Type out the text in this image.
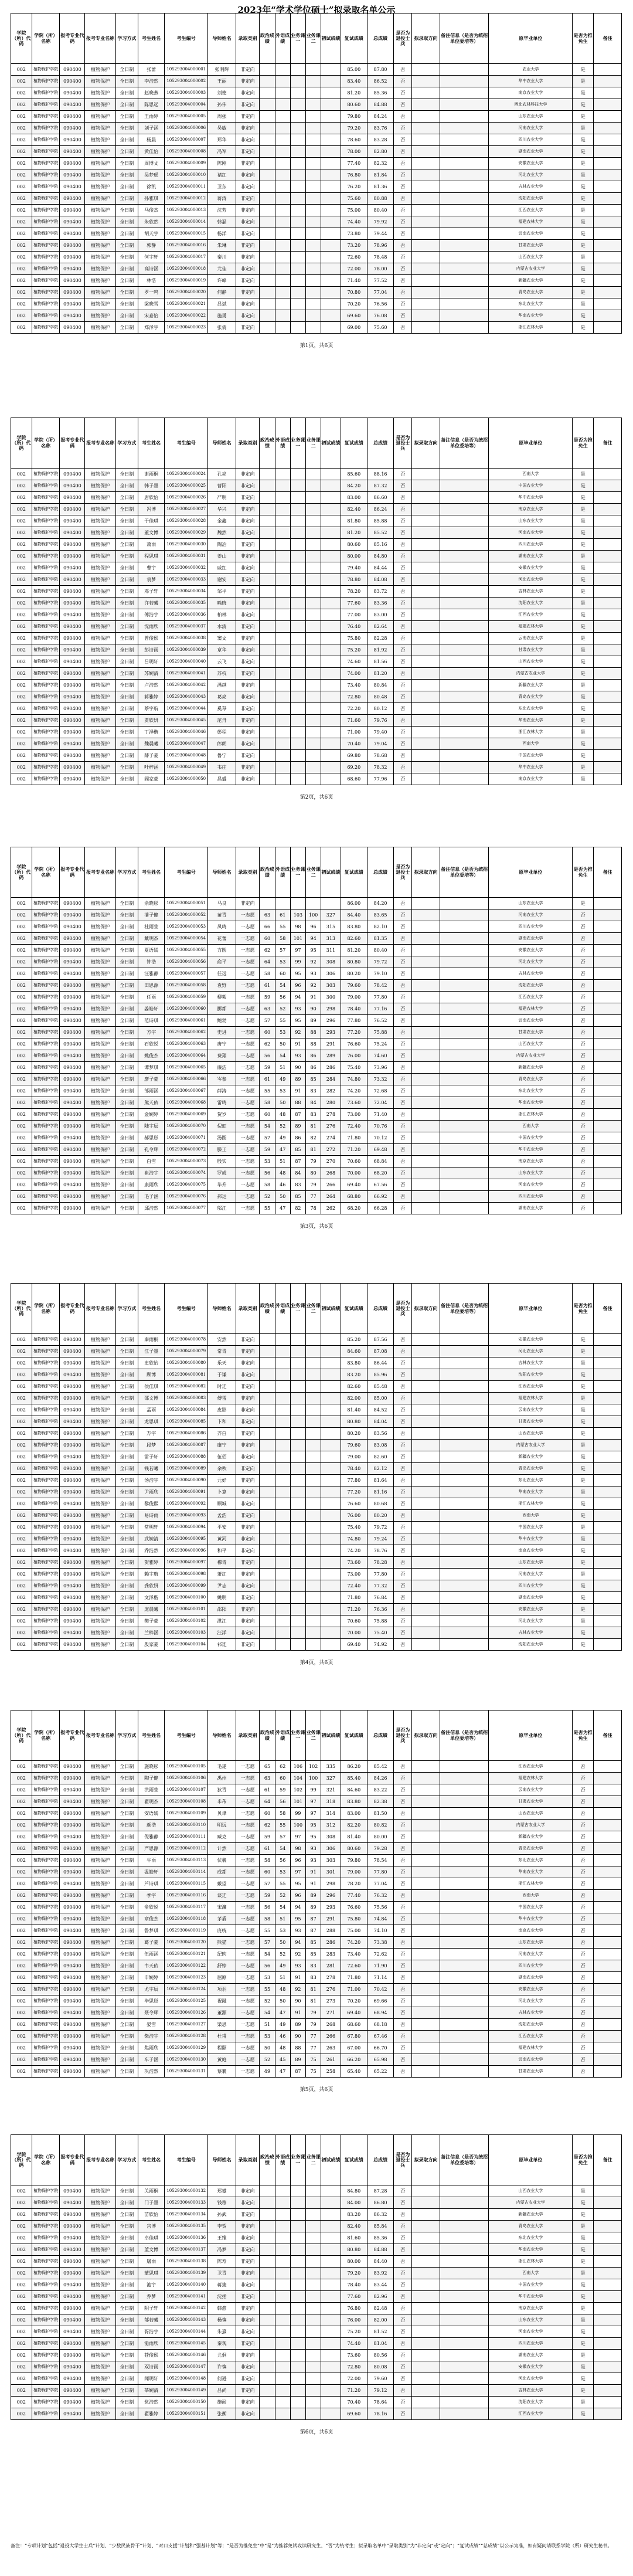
2023年“学术学位硕士”拟录取名单公示
学院（所）代码	学院（所）名称	报考专业代码	报考专业名称	学习方式	考生姓名	考生编号	导师姓名	录取类别	政治成绩	外语成绩	业务课一	业务课二	初试成绩	复试成绩	总成绩	是否为退役士兵	拟录取方向	备注信息（是否为统招单位委培等）	原毕业单位	是否为推免生	备注
002	植物保护学院	090400	植物保护	全日制	张蕾	105293004000001	张明辉	非定向						85.00	87.80	否			农业大学	是	
002	植物保护学院	090400	植物保护	全日制	李浩然	105293004000002	王丽	非定向						83.40	86.52	否			华中农业大学	是	
002	植物保护学院	090400	植物保护	全日制	赵晓燕	105293004000003	刘德	非定向						81.20	85.36	否			南京农业大学	是	
002	植物保护学院	090400	植物保护	全日制	陈思远	105293004000004	孙伟	非定向						80.60	84.88	否			西北农林科技大学	是	
002	植物保护学院	090400	植物保护	全日制	王雨婷	105293004000005	周强	非定向						79.80	84.24	否			山东农业大学	是	
002	植物保护学院	090400	植物保护	全日制	刘子涵	105293004000006	吴敏	非定向						79.20	83.76	否			河南农业大学	是	
002	植物保护学院	090400	植物保护	全日制	杨晨	105293004000007	郑华	非定向						78.60	83.28	否			四川农业大学	是	
002	植物保护学院	090400	植物保护	全日制	黄佳怡	105293004000008	冯军	非定向						78.00	82.80	否			湖南农业大学	是	
002	植物保护学院	090400	植物保护	全日制	周博文	105293004000009	陈刚	非定向						77.40	82.32	否			安徽农业大学	是	
002	植物保护学院	090400	植物保护	全日制	吴梦瑶	105293004000010	褚红	非定向						76.80	81.84	否			河北农业大学	是	
002	植物保护学院	090400	植物保护	全日制	徐凯	105293004000011	卫东	非定向						76.20	81.36	否			吉林农业大学	是	
002	植物保护学院	090400	植物保护	全日制	孙雅琪	105293004000012	蒋涛	非定向						75.60	80.88	否			沈阳农业大学	是	
002	植物保护学院	090400	植物保护	全日制	马俊杰	105293004000013	沈芳	非定向						75.00	80.40	否			江西农业大学	是	
002	植物保护学院	090400	植物保护	全日制	朱欣然	105293004000014	韩磊	非定向						74.40	79.92	否			福建农林大学	是	
002	植物保护学院	090400	植物保护	全日制	胡天宇	105293004000015	杨洋	非定向						73.80	79.44	否			云南农业大学	是	
002	植物保护学院	090400	植物保护	全日制	郭静	105293004000016	朱琳	非定向						73.20	78.96	否			甘肃农业大学	是	
002	植物保护学院	090400	植物保护	全日制	何宇轩	105293004000017	秦川	非定向						72.60	78.48	否			山西农业大学	是	
002	植物保护学院	090400	植物保护	全日制	高诗涵	105293004000018	尤佳	非定向						72.00	78.00	否			内蒙古农业大学	是	
002	植物保护学院	090400	植物保护	全日制	林浩	105293004000019	许峰	非定向						71.40	77.52	否			新疆农业大学	是	
002	植物保护学院	090400	植物保护	全日制	罗一鸣	105293004000020	何静	非定向						70.80	77.04	否			青岛农业大学	是	
002	植物保护学院	090400	植物保护	全日制	梁晓雪	105293004000021	吕斌	非定向						70.20	76.56	否			东北农业大学	是	
002	植物保护学院	090400	植物保护	全日制	宋嘉怡	105293004000022	施勇	非定向						69.60	76.08	否			华南农业大学	是	
002	植物保护学院	090400	植物保护	全日制	郑泽宇	105293004000023	张倩	非定向						69.00	75.60	否			浙江农林大学	是	
第1页，共6页
学院（所）代码	学院（所）名称	报考专业代码	报考专业名称	学习方式	考生姓名	考生编号	导师姓名	录取类别	政治成绩	外语成绩	业务课一	业务课二	初试成绩	复试成绩	总成绩	是否为退役士兵	拟录取方向	备注信息（是否为统招单位委培等）	原毕业单位	是否为推免生	备注
002	植物保护学院	090400	植物保护	全日制	谢雨桐	105293004000024	孔亮	非定向						85.60	88.16	否			西南大学	是	
002	植物保护学院	090400	植物保护	全日制	韩子墨	105293004000025	曹阳	非定向						84.20	87.32	否			中国农业大学	是	
002	植物保护学院	090400	植物保护	全日制	唐欣怡	105293004000026	严明	非定向						83.00	86.60	否			华中农业大学	是	
002	植物保护学院	090400	植物保护	全日制	冯博	105293004000027	华兴	非定向						82.40	86.24	否			南京农业大学	是	
002	植物保护学院	090400	植物保护	全日制	于佳琪	105293004000028	金鑫	非定向						81.80	85.88	否			山东农业大学	是	
002	植物保护学院	090400	植物保护	全日制	董文博	105293004000029	魏然	非定向						81.20	85.52	否			河南农业大学	是	
002	植物保护学院	090400	植物保护	全日制	萧雨	105293004000030	陶冶	非定向						80.60	85.16	否			四川农业大学	是	
002	植物保护学院	090400	植物保护	全日制	程思琪	105293004000031	姜山	非定向						80.00	84.80	否			湖南农业大学	是	
002	植物保护学院	090400	植物保护	全日制	曹宇	105293004000032	戚红	非定向						79.40	84.44	否			安徽农业大学	是	
002	植物保护学院	090400	植物保护	全日制	袁梦	105293004000033	谢安	非定向						78.80	84.08	否			河北农业大学	是	
002	植物保护学院	090400	植物保护	全日制	邓子轩	105293004000034	邹平	非定向						78.20	83.72	否			吉林农业大学	是	
002	植物保护学院	090400	植物保护	全日制	许若曦	105293004000035	喻晓	非定向						77.60	83.36	否			沈阳农业大学	是	
002	植物保护学院	090400	植物保护	全日制	傅浩宇	105293004000036	柏林	非定向						77.00	83.00	否			江西农业大学	是	
002	植物保护学院	090400	植物保护	全日制	沈雨欣	105293004000037	水清	非定向						76.40	82.64	否			福建农林大学	是	
002	植物保护学院	090400	植物保护	全日制	曾俊熙	105293004000038	窦文	非定向						75.80	82.28	否			云南农业大学	是	
002	植物保护学院	090400	植物保护	全日制	彭诗雨	105293004000039	章华	非定向						75.20	81.92	否			甘肃农业大学	是	
002	植物保护学院	090400	植物保护	全日制	吕明轩	105293004000040	云飞	非定向						74.60	81.56	否			山西农业大学	是	
002	植物保护学院	090400	植物保护	全日制	苏婉清	105293004000041	苏杭	非定向						74.00	81.20	否			内蒙古农业大学	是	
002	植物保护学院	090400	植物保护	全日制	卢浩然	105293004000042	潘越	非定向						73.40	80.84	否			新疆农业大学	是	
002	植物保护学院	090400	植物保护	全日制	蒋雅婷	105293004000043	葛亮	非定向						72.80	80.48	否			青岛农业大学	是	
002	植物保护学院	090400	植物保护	全日制	蔡宇航	105293004000044	奚琴	非定向						72.20	80.12	否			东北农业大学	是	
002	植物保护学院	090400	植物保护	全日制	贾欣妍	105293004000045	范舟	非定向						71.60	79.76	否			华南农业大学	是	
002	植物保护学院	090400	植物保护	全日制	丁泽楷	105293004000046	彭程	非定向						71.00	79.40	否			浙江农林大学	是	
002	植物保护学院	090400	植物保护	全日制	魏晨曦	105293004000047	郎朗	非定向						70.40	79.04	否			西南大学	是	
002	植物保护学院	090400	植物保护	全日制	薛子豪	105293004000048	鲁宁	非定向						69.80	78.68	否			中国农业大学	是	
002	植物保护学院	090400	植物保护	全日制	叶梓涵	105293004000049	韦庄	非定向						69.20	78.32	否			华中农业大学	是	
002	植物保护学院	090400	植物保护	全日制	阎家豪	105293004000050	昌盛	非定向						68.60	77.96	否			南京农业大学	是	
第2页，共6页
学院（所）代码	学院（所）名称	报考专业代码	报考专业名称	学习方式	考生姓名	考生编号	导师姓名	录取类别	政治成绩	外语成绩	业务课一	业务课二	初试成绩	复试成绩	总成绩	是否为退役士兵	拟录取方向	备注信息（是否为统招单位委培等）	原毕业单位	是否为推免生	备注
002	植物保护学院	090400	植物保护	全日制	余晓彤	105293004000051	马良	非定向						86.00	84.20	否			山东农业大学	是	
002	植物保护学院	090400	植物保护	全日制	潘子健	105293004000052	苗青	一志愿	63	61	103	100	327	84.40	83.65	否			河南农业大学	否	
002	植物保护学院	090400	植物保护	全日制	杜雨萱	105293004000053	凤鸣	一志愿	66	55	98	96	315	83.80	82.10	否			四川农业大学	否	
002	植物保护学院	090400	植物保护	全日制	戴明杰	105293004000054	花蕾	一志愿	60	58	101	94	313	82.60	81.35	否			湖南农业大学	否	
002	植物保护学院	090400	植物保护	全日制	夏语嫣	105293004000055	方圆	一志愿	62	57	97	95	311	81.20	80.40	否			安徽农业大学	否	
002	植物保护学院	090400	植物保护	全日制	钟浩	105293004000056	俞平	一志愿	64	53	99	92	308	80.80	79.72	否			河北农业大学	否	
002	植物保护学院	090400	植物保护	全日制	汪雅静	105293004000057	任远	一志愿	58	60	95	93	306	80.20	79.10	否			吉林农业大学	否	
002	植物保护学院	090400	植物保护	全日制	田思源	105293004000058	袁野	一志愿	61	54	96	92	303	79.60	78.42	否			沈阳农业大学	否	
002	植物保护学院	090400	植物保护	全日制	任雨	105293004000059	柳絮	一志愿	59	56	94	91	300	79.00	77.80	否			江西农业大学	否	
002	植物保护学院	090400	植物保护	全日制	姜皓轩	105293004000060	酆都	一志愿	63	52	93	90	298	78.40	77.16	否			福建农林大学	否	
002	植物保护学院	090400	植物保护	全日制	范诗琪	105293004000061	鲍勃	一志愿	57	55	95	89	296	77.80	76.52	否			云南农业大学	否	
002	植物保护学院	090400	植物保护	全日制	方宇	105293004000062	史进	一志愿	60	53	92	88	293	77.20	75.88	否			甘肃农业大学	否	
002	植物保护学院	090400	植物保护	全日制	石欣悦	105293004000063	唐宁	一志愿	62	50	91	88	291	76.60	75.24	否			山西农业大学	否	
002	植物保护学院	090400	植物保护	全日制	姚俊杰	105293004000064	费翔	一志愿	56	54	93	86	289	76.00	74.60	否			内蒙古农业大学	否	
002	植物保护学院	090400	植物保护	全日制	谭梦琪	105293004000065	廉洁	一志愿	59	51	90	86	286	75.40	73.96	否			新疆农业大学	否	
002	植物保护学院	090400	植物保护	全日制	廖子豪	105293004000066	岑参	一志愿	61	49	89	85	284	74.80	73.32	否			青岛农业大学	否	
002	植物保护学院	090400	植物保护	全日制	邹雨涵	105293004000067	薛涛	一志愿	55	53	91	83	282	74.20	72.68	否			东北农业大学	否	
002	植物保护学院	090400	植物保护	全日制	熊天佑	105293004000068	雷鸣	一志愿	58	50	88	84	280	73.60	72.04	否			华南农业大学	否	
002	植物保护学院	090400	植物保护	全日制	金婉婷	105293004000069	贺岁	一志愿	60	48	87	83	278	73.00	71.40	否			浙江农林大学	否	
002	植物保护学院	090400	植物保护	全日制	陆宇辰	105293004000070	倪虹	一志愿	54	52	89	81	276	72.40	70.76	否			西南大学	否	
002	植物保护学院	090400	植物保护	全日制	郝思彤	105293004000071	汤圆	一志愿	57	49	86	82	274	71.80	70.12	否			中国农业大学	否	
002	植物保护学院	090400	植物保护	全日制	孔令辉	105293004000072	滕王	一志愿	59	47	85	81	272	71.20	69.48	否			华中农业大学	否	
002	植物保护学院	090400	植物保护	全日制	白雪	105293004000073	殷实	一志愿	53	51	87	79	270	70.60	68.84	否			南京农业大学	否	
002	植物保护学院	090400	植物保护	全日制	崔浩宇	105293004000074	罗成	一志愿	56	48	84	80	268	70.00	68.20	否			山东农业大学	否	
002	植物保护学院	090400	植物保护	全日制	康雨欣	105293004000075	毕升	一志愿	58	46	83	79	266	69.40	67.56	否			河南农业大学	否	
002	植物保护学院	090400	植物保护	全日制	毛子涵	105293004000076	郝运	一志愿	52	50	85	77	264	68.80	66.92	否			四川农业大学	否	
002	植物保护学院	090400	植物保护	全日制	邱浩然	105293004000077	邬江	一志愿	55	47	82	78	262	68.20	66.28	否			湖南农业大学	否	
第3页，共6页
学院（所）代码	学院（所）名称	报考专业代码	报考专业名称	学习方式	考生姓名	考生编号	导师姓名	录取类别	政治成绩	外语成绩	业务课一	业务课二	初试成绩	复试成绩	总成绩	是否为退役士兵	拟录取方向	备注信息（是否为统招单位委培等）	原毕业单位	是否为推免生	备注
002	植物保护学院	090400	植物保护	全日制	秦雨桐	105293004000078	安然	非定向						85.20	87.56	否			安徽农业大学	是	
002	植物保护学院	090400	植物保护	全日制	江子墨	105293004000079	常青	非定向						84.60	87.08	否			河北农业大学	是	
002	植物保护学院	090400	植物保护	全日制	史欣怡	105293004000080	乐天	非定向						83.80	86.44	否			吉林农业大学	是	
002	植物保护学院	090400	植物保护	全日制	顾博	105293004000081	于谦	非定向						83.20	85.96	否			沈阳农业大学	是	
002	植物保护学院	090400	植物保护	全日制	侯佳琪	105293004000082	时迁	非定向						82.60	85.48	否			江西农业大学	是	
002	植物保护学院	090400	植物保护	全日制	邵文博	105293004000083	傅雷	非定向						82.00	85.00	否			福建农林大学	是	
002	植物保护学院	090400	植物保护	全日制	孟雨	105293004000084	皮影	非定向						81.40	84.52	否			云南农业大学	是	
002	植物保护学院	090400	植物保护	全日制	龙思琪	105293004000085	卞和	非定向						80.80	84.04	否			甘肃农业大学	是	
002	植物保护学院	090400	植物保护	全日制	万宇	105293004000086	齐白	非定向						80.20	83.56	否			山西农业大学	是	
002	植物保护学院	090400	植物保护	全日制	段梦	105293004000087	康宁	非定向						79.60	83.08	否			内蒙古农业大学	是	
002	植物保护学院	090400	植物保护	全日制	雷子轩	105293004000088	伍佰	非定向						79.00	82.60	否			新疆农业大学	是	
002	植物保护学院	090400	植物保护	全日制	钱若曦	105293004000089	余秋	非定向						78.40	82.12	否			青岛农业大学	是	
002	植物保护学院	090400	植物保护	全日制	汤浩宇	105293004000090	元好	非定向						77.80	81.64	否			东北农业大学	是	
002	植物保护学院	090400	植物保护	全日制	尹雨欣	105293004000091	卜算	非定向						77.20	81.16	否			华南农业大学	是	
002	植物保护学院	090400	植物保护	全日制	黎俊熙	105293004000092	顾城	非定向						76.60	80.68	否			浙江农林大学	是	
002	植物保护学院	090400	植物保护	全日制	易诗雨	105293004000093	孟浩	非定向						76.00	80.20	否			西南大学	是	
002	植物保护学院	090400	植物保护	全日制	常明轩	105293004000094	平安	非定向						75.40	79.72	否			中国农业大学	是	
002	植物保护学院	090400	植物保护	全日制	武婉清	105293004000095	黄河	非定向						74.80	79.24	否			华中农业大学	是	
002	植物保护学院	090400	植物保护	全日制	乔浩然	105293004000096	和平	非定向						74.20	78.76	否			南京农业大学	是	
002	植物保护学院	090400	植物保护	全日制	贺雅婷	105293004000097	穆青	非定向						73.60	78.28	否			山东农业大学	是	
002	植物保护学院	090400	植物保护	全日制	赖宇航	105293004000098	萧红	非定向						73.00	77.80	否			河南农业大学	是	
002	植物保护学院	090400	植物保护	全日制	龚欣妍	105293004000099	尹志	非定向						72.40	77.32	否			四川农业大学	是	
002	植物保护学院	090400	植物保护	全日制	文泽楷	105293004000100	姚明	非定向						71.80	76.84	否			湖南农业大学	是	
002	植物保护学院	090400	植物保护	全日制	庞晨曦	105293004000101	邵阳	非定向						71.20	76.36	否			安徽农业大学	是	
002	植物保护学院	090400	植物保护	全日制	樊子豪	105293004000102	湛江	非定向						70.60	75.88	否			河北农业大学	是	
002	植物保护学院	090400	植物保护	全日制	兰梓涵	105293004000103	汪洋	非定向						70.00	75.40	否			吉林农业大学	是	
002	植物保护学院	090400	植物保护	全日制	殷家豪	105293004000104	祁连	非定向						69.40	74.92	否			沈阳农业大学	是	
第4页，共6页
学院（所）代码	学院（所）名称	报考专业代码	报考专业名称	学习方式	考生姓名	考生编号	导师姓名	录取类别	政治成绩	外语成绩	业务课一	业务课二	初试成绩	复试成绩	总成绩	是否为退役士兵	拟录取方向	备注信息（是否为统招单位委培等）	原毕业单位	是否为推免生	备注
002	植物保护学院	090400	植物保护	全日制	施晓彤	105293004000105	毛遂	一志愿	65	62	106	102	335	86.20	85.42	否			江西农业大学	否	
002	植物保护学院	090400	植物保护	全日制	陶子健	105293004000106	禹州	一志愿	63	60	104	100	327	85.40	84.26	否			福建农林大学	否	
002	植物保护学院	090400	植物保护	全日制	洪雨萱	105293004000107	狄青	一志愿	61	59	102	99	321	84.60	83.22	否			云南农业大学	否	
002	植物保护学院	090400	植物保护	全日制	翟明杰	105293004000108	米芾	一志愿	64	56	101	97	318	83.80	82.38	否			甘肃农业大学	否	
002	植物保护学院	090400	植物保护	全日制	安语嫣	105293004000109	贝聿	一志愿	60	58	99	97	314	83.00	81.50	否			山西农业大学	否	
002	植物保护学院	090400	植物保护	全日制	颜浩	105293004000110	明远	一志愿	62	55	100	95	312	82.20	80.82	否			内蒙古农业大学	否	
002	植物保护学院	090400	植物保护	全日制	倪雅静	105293004000111	臧克	一志愿	59	57	97	95	308	81.40	80.00	否			新疆农业大学	否	
002	植物保护学院	090400	植物保护	全日制	严思源	105293004000112	计然	一志愿	61	54	98	93	306	80.60	79.28	否			青岛农业大学	否	
002	植物保护学院	090400	植物保护	全日制	牛雨	105293004000113	伏羲	一志愿	58	56	96	93	303	79.80	78.54	否			东北农业大学	否	
002	植物保护学院	090400	植物保护	全日制	温皓轩	105293004000114	成都	一志愿	60	53	97	91	301	79.00	77.80	否			华南农业大学	否	
002	植物保护学院	090400	植物保护	全日制	芦诗琪	105293004000115	戴望	一志愿	57	55	95	91	298	78.20	77.04	否			浙江农林大学	否	
002	植物保护学院	090400	植物保护	全日制	季宇	105293004000116	谈迁	一志愿	59	52	96	89	296	77.40	76.32	否			西南大学	否	
002	植物保护学院	090400	植物保护	全日制	俞欣悦	105293004000117	宋濂	一志愿	56	54	94	89	293	76.60	75.56	否			中国农业大学	否	
002	植物保护学院	090400	植物保护	全日制	章俊杰	105293004000118	茅盾	一志愿	58	51	95	87	291	75.80	74.84	否			华中农业大学	否	
002	植物保护学院	090400	植物保护	全日制	鲁梦琪	105293004000119	庞统	一志愿	55	53	93	87	288	75.00	74.10	否			南京农业大学	否	
002	植物保护学院	090400	植物保护	全日制	葛子豪	105293004000120	熊猫	一志愿	57	50	94	85	286	74.20	73.38	否			山东农业大学	否	
002	植物保护学院	090400	植物保护	全日制	伍雨涵	105293004000121	纪昀	一志愿	54	52	92	85	283	73.40	72.62	否			河南农业大学	否	
002	植物保护学院	090400	植物保护	全日制	韦天佑	105293004000122	舒婷	一志愿	56	49	93	83	281	72.60	71.90	否			四川农业大学	否	
002	植物保护学院	090400	植物保护	全日制	申婉婷	105293004000123	屈原	一志愿	53	51	91	83	278	71.80	71.14	否			湖南农业大学	否	
002	植物保护学院	090400	植物保护	全日制	尤宇辰	105293004000124	项羽	一志愿	55	48	92	81	276	71.00	70.42	否			安徽农业大学	否	
002	植物保护学院	090400	植物保护	全日制	毕思彤	105293004000125	祝融	一志愿	52	50	90	81	273	70.20	69.66	否			河北农业大学	否	
002	植物保护学院	090400	植物保护	全日制	聂令辉	105293004000126	董源	一志愿	54	47	91	79	271	69.40	68.94	否			吉林农业大学	否	
002	植物保护学院	090400	植物保护	全日制	晏雪	105293004000127	梁思	一志愿	51	49	89	79	268	68.60	68.18	否			沈阳农业大学	否	
002	植物保护学院	090400	植物保护	全日制	柴浩宇	105293004000128	杜甫	一志愿	53	46	90	77	266	67.80	67.46	否			江西农业大学	否	
002	植物保护学院	090400	植物保护	全日制	焦雨欣	105293004000129	程颐	一志愿	50	48	88	77	263	67.00	66.70	否			福建农林大学	否	
002	植物保护学院	090400	植物保护	全日制	车子涵	105293004000130	黄庭	一志愿	52	45	89	75	261	66.20	65.98	否			云南农业大学	否	
002	植物保护学院	090400	植物保护	全日制	巩浩然	105293004000131	蔡襄	一志愿	49	47	87	75	258	65.40	65.22	否			甘肃农业大学	否	
第5页，共6页
学院（所）代码	学院（所）名称	报考专业代码	报考专业名称	学习方式	考生姓名	考生编号	导师姓名	录取类别	政治成绩	外语成绩	业务课一	业务课二	初试成绩	复试成绩	总成绩	是否为退役士兵	拟录取方向	备注信息（是否为统招单位委培等）	原毕业单位	是否为推免生	备注
002	植物保护学院	090400	植物保护	全日制	关雨桐	105293004000132	郑燮	非定向						84.80	87.28	否			山西农业大学	是	
002	植物保护学院	090400	植物保护	全日制	门子墨	105293004000133	钱穆	非定向						84.00	86.80	否			内蒙古农业大学	是	
002	植物保护学院	090400	植物保护	全日制	苗欣怡	105293004000134	孙武	非定向						83.20	86.32	否			新疆农业大学	是	
002	植物保护学院	090400	植物保护	全日制	宫博	105293004000135	李贺	非定向						82.40	85.84	否			青岛农业大学	是	
002	植物保护学院	090400	植物保护	全日制	卓佳琪	105293004000136	王维	非定向						81.60	85.36	否			东北农业大学	是	
002	植物保护学院	090400	植物保护	全日制	蓝文博	105293004000137	冯梦	非定向						80.80	84.88	否			华南农业大学	是	
002	植物保护学院	090400	植物保护	全日制	屠雨	105293004000138	陈寿	非定向						80.00	84.40	否			浙江农林大学	是	
002	植物保护学院	090400	植物保护	全日制	蒙思琪	105293004000139	卫青	非定向						79.20	83.92	否			西南大学	是	
002	植物保护学院	090400	植物保护	全日制	池宇	105293004000140	蒋捷	非定向						78.40	83.44	否			中国农业大学	是	
002	植物保护学院	090400	植物保护	全日制	乔梦	105293004000141	沈括	非定向						77.60	82.96	否			华中农业大学	是	
002	植物保护学院	090400	植物保护	全日制	阴子轩	105293004000142	韩愈	非定向						76.80	82.48	否			南京农业大学	是	
002	植物保护学院	090400	植物保护	全日制	郁若曦	105293004000143	杨慎	非定向						76.00	82.00	否			山东农业大学	是	
002	植物保护学院	090400	植物保护	全日制	胥浩宇	105293004000144	朱熹	非定向						75.20	81.52	否			河南农业大学	是	
002	植物保护学院	090400	植物保护	全日制	能雨欣	105293004000145	秦观	非定向						74.40	81.04	否			四川农业大学	是	
002	植物保护学院	090400	植物保护	全日制	苍俊熙	105293004000146	尤侗	非定向						73.60	80.56	否			湖南农业大学	是	
002	植物保护学院	090400	植物保护	全日制	双诗雨	105293004000147	许慎	非定向						72.80	80.08	否			安徽农业大学	是	
002	植物保护学院	090400	植物保护	全日制	闻明轩	105293004000148	何逊	非定向						72.00	79.60	否			河北农业大学	是	
002	植物保护学院	090400	植物保护	全日制	莘婉清	105293004000149	吕尚	非定向						71.20	79.12	否			吉林农业大学	是	
002	植物保护学院	090400	植物保护	全日制	党浩然	105293004000150	施耐	非定向						70.40	78.64	否			沈阳农业大学	是	
002	植物保护学院	090400	植物保护	全日制	翟雅婷	105293004000151	张衡	非定向						69.60	78.16	否			江西农业大学	是	
第6页，共6页

备注：“专项计划”包括“退役大学生士兵”计划、“少数民族骨干”计划、“对口支援”计划和“强基计划”等；“是否为推免生”中“是”为推荐免试攻读研究生、“否”为统考生；拟录取名单中“录取类别”为“非定向”或“定向”；“复试成绩”“总成绩”以公示为准，如有疑问请联系学院（所）研究生秘书。
